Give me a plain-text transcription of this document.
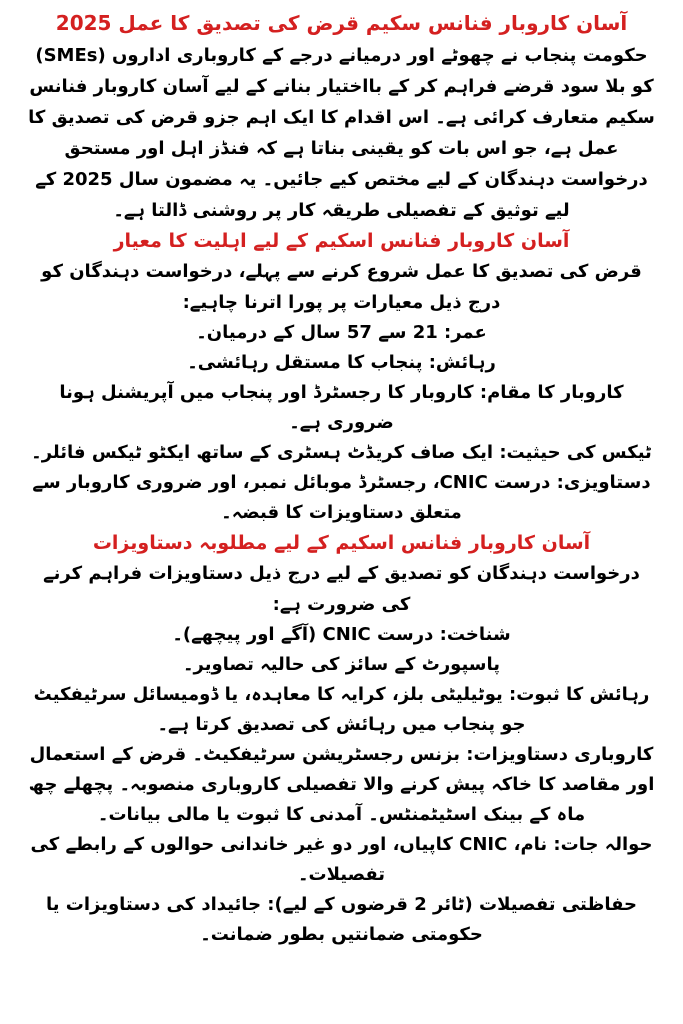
آسان کاروبار فنانس سکیم قرض کی تصدیق کا عمل 2025

حکومت پنجاب نے چھوٹے اور درمیانے درجے کے کاروباری اداروں (SMEs) کو بلا سود قرضے فراہم کر کے بااختیار بنانے کے لیے آسان کاروبار فنانس سکیم متعارف کرائی ہے۔ اس اقدام کا ایک اہم جزو قرض کی تصدیق کا عمل ہے، جو اس بات کو یقینی بناتا ہے کہ فنڈز اہل اور مستحق درخواست دہندگان کے لیے مختص کیے جائیں۔ یہ مضمون سال 2025 کے لیے توثیق کے تفصیلی طریقہ کار پر روشنی ڈالتا ہے۔

آسان کاروبار فنانس اسکیم کے لیے اہلیت کا معیار

قرض کی تصدیق کا عمل شروع کرنے سے پہلے، درخواست دہندگان کو درج ذیل معیارات پر پورا اترنا چاہیے:

عمر: 21 سے 57 سال کے درمیان۔

رہائش: پنجاب کا مستقل رہائشی۔

کاروبار کا مقام: کاروبار کا رجسٹرڈ اور پنجاب میں آپریشنل ہونا ضروری ہے۔

ٹیکس کی حیثیت: ایک صاف کریڈٹ ہسٹری کے ساتھ ایکٹو ٹیکس فائلر۔

دستاویزی: درست CNIC، رجسٹرڈ موبائل نمبر، اور ضروری کاروبار سے متعلق دستاویزات کا قبضہ۔

آسان کاروبار فنانس اسکیم کے لیے مطلوبہ دستاویزات

درخواست دہندگان کو تصدیق کے لیے درج ذیل دستاویزات فراہم کرنے کی ضرورت ہے:

شناخت: درست CNIC (آگے اور پیچھے)۔

پاسپورٹ کے سائز کی حالیہ تصاویر۔

رہائش کا ثبوت: یوٹیلیٹی بلز، کرایہ کا معاہدہ، یا ڈومیسائل سرٹیفکیٹ جو پنجاب میں رہائش کی تصدیق کرتا ہے۔

کاروباری دستاویزات: بزنس رجسٹریشن سرٹیفکیٹ۔ قرض کے استعمال اور مقاصد کا خاکہ پیش کرنے والا تفصیلی کاروباری منصوبہ۔ پچھلے چھ ماہ کے بینک اسٹیٹمنٹس۔ آمدنی کا ثبوت یا مالی بیانات۔

حوالہ جات: نام، CNIC کاپیاں، اور دو غیر خاندانی حوالوں کے رابطے کی تفصیلات۔

حفاظتی تفصیلات (ٹائر 2 قرضوں کے لیے): جائیداد کی دستاویزات یا حکومتی ضمانتیں بطور ضمانت۔
